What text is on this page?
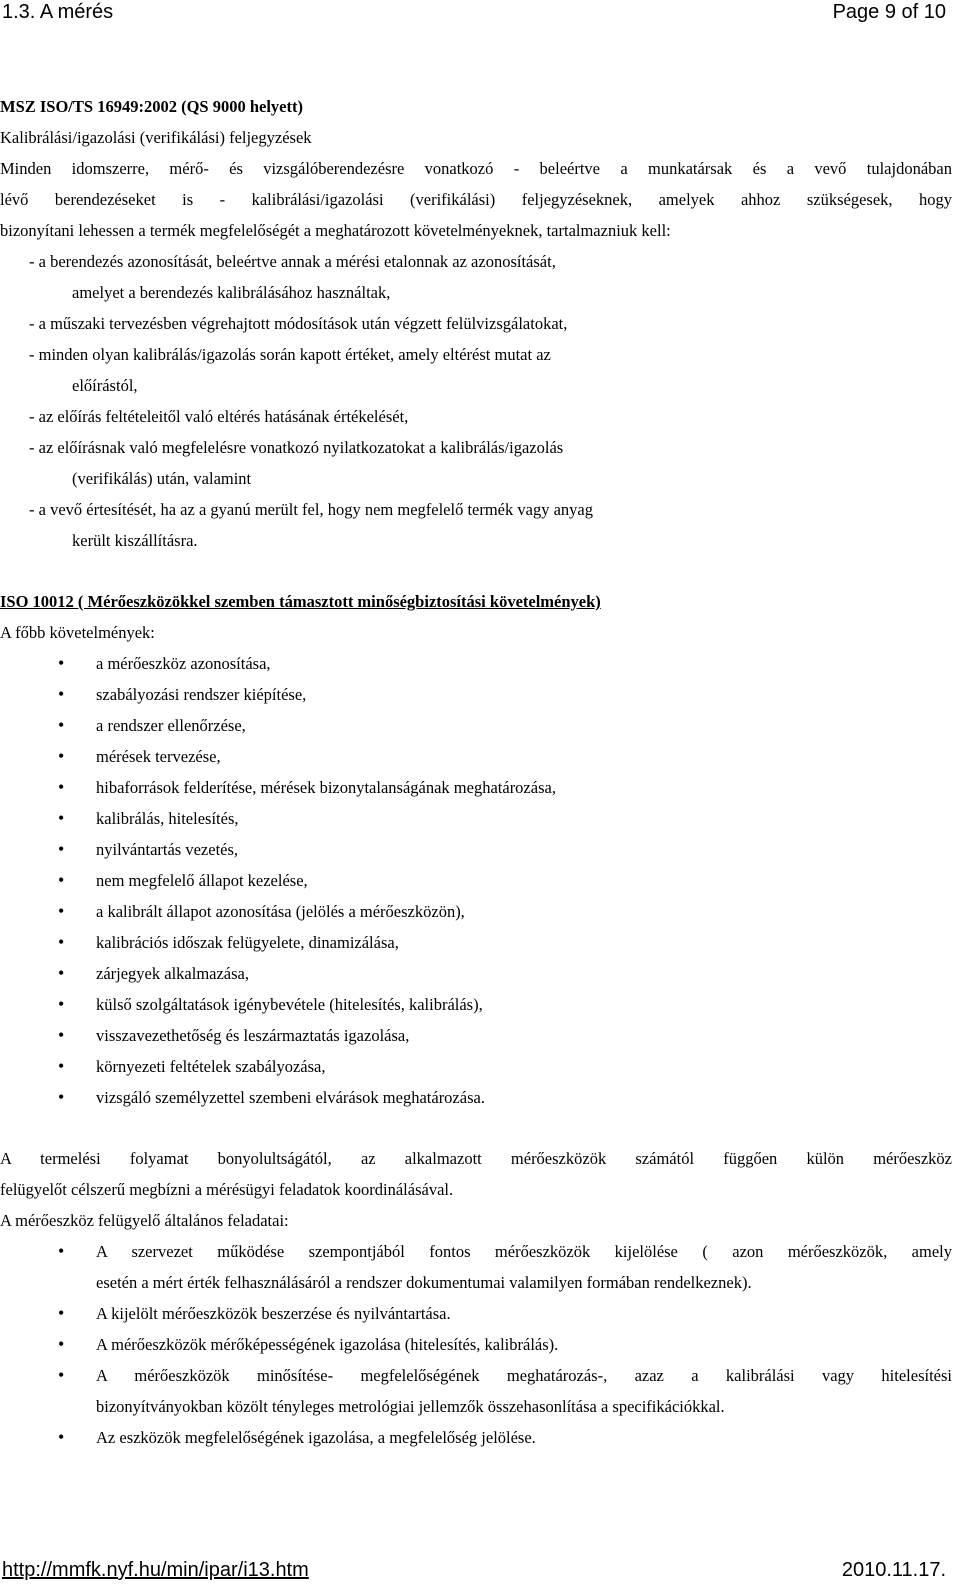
1.3. A mérés	Page 9 of 10
MSZ ISO/TS 16949:2002 (QS 9000 helyett)
Kalibrálási/igazolási (verifikálási) feljegyzések
Minden idomszerre, mérő- és vizsgálóberendezésre vonatkozó - beleértve a munkatársak és a vevő tulajdonában
lévő berendezéseket is - kalibrálási/igazolási (verifikálási) feljegyzéseknek, amelyek ahhoz szükségesek, hogy
bizonyítani lehessen a termék megfelelőségét a meghatározott követelményeknek, tartalmazniuk kell:
- a berendezés azonosítását, beleértve annak a mérési etalonnak az azonosítását,
amelyet a berendezés kalibrálásához használtak,
- a műszaki tervezésben végrehajtott módosítások után végzett felülvizsgálatokat,
- minden olyan kalibrálás/igazolás során kapott értéket, amely eltérést mutat az
előírástól,
- az előírás feltételeitől való eltérés hatásának értékelését,
- az előírásnak való megfelelésre vonatkozó nyilatkozatokat a kalibrálás/igazolás
(verifikálás) után, valamint
- a vevő értesítését, ha az a gyanú merült fel, hogy nem megfelelő termék vagy anyag
került kiszállításra.
ISO 10012 ( Mérőeszközökkel szemben támasztott minőségbiztosítási követelmények)
A főbb követelmények:
• a mérőeszköz azonosítása,
• szabályozási rendszer kiépítése,
• a rendszer ellenőrzése,
• mérések tervezése,
• hibaforrások felderítése, mérések bizonytalanságának meghatározása,
• kalibrálás, hitelesítés,
• nyilvántartás vezetés,
• nem megfelelő állapot kezelése,
• a kalibrált állapot azonosítása (jelölés a mérőeszközön),
• kalibrációs időszak felügyelete, dinamizálása,
• zárjegyek alkalmazása,
• külső szolgáltatások igénybevétele (hitelesítés, kalibrálás),
• visszavezethetőség és leszármaztatás igazolása,
• környezeti feltételek szabályozása,
• vizsgáló személyzettel szembeni elvárások meghatározása.
A termelési folyamat bonyolultságától, az alkalmazott mérőeszközök számától függően külön mérőeszköz
felügyelőt célszerű megbízni a mérésügyi feladatok koordinálásával.
A mérőeszköz felügyelő általános feladatai:
• A szervezet működése szempontjából fontos mérőeszközök kijelölése ( azon mérőeszközök, amely
esetén a mért érték felhasználásáról a rendszer dokumentumai valamilyen formában rendelkeznek).
• A kijelölt mérőeszközök beszerzése és nyilvántartása.
• A mérőeszközök mérőképességének igazolása (hitelesítés, kalibrálás).
• A mérőeszközök minősítése- megfelelőségének meghatározás-, azaz a kalibrálási vagy hitelesítési
bizonyítványokban közölt tényleges metrológiai jellemzők összehasonlítása a specifikációkkal.
• Az eszközök megfelelőségének igazolása, a megfelelőség jelölése.
http://mmfk.nyf.hu/min/ipar/i13.htm	2010.11.17.
